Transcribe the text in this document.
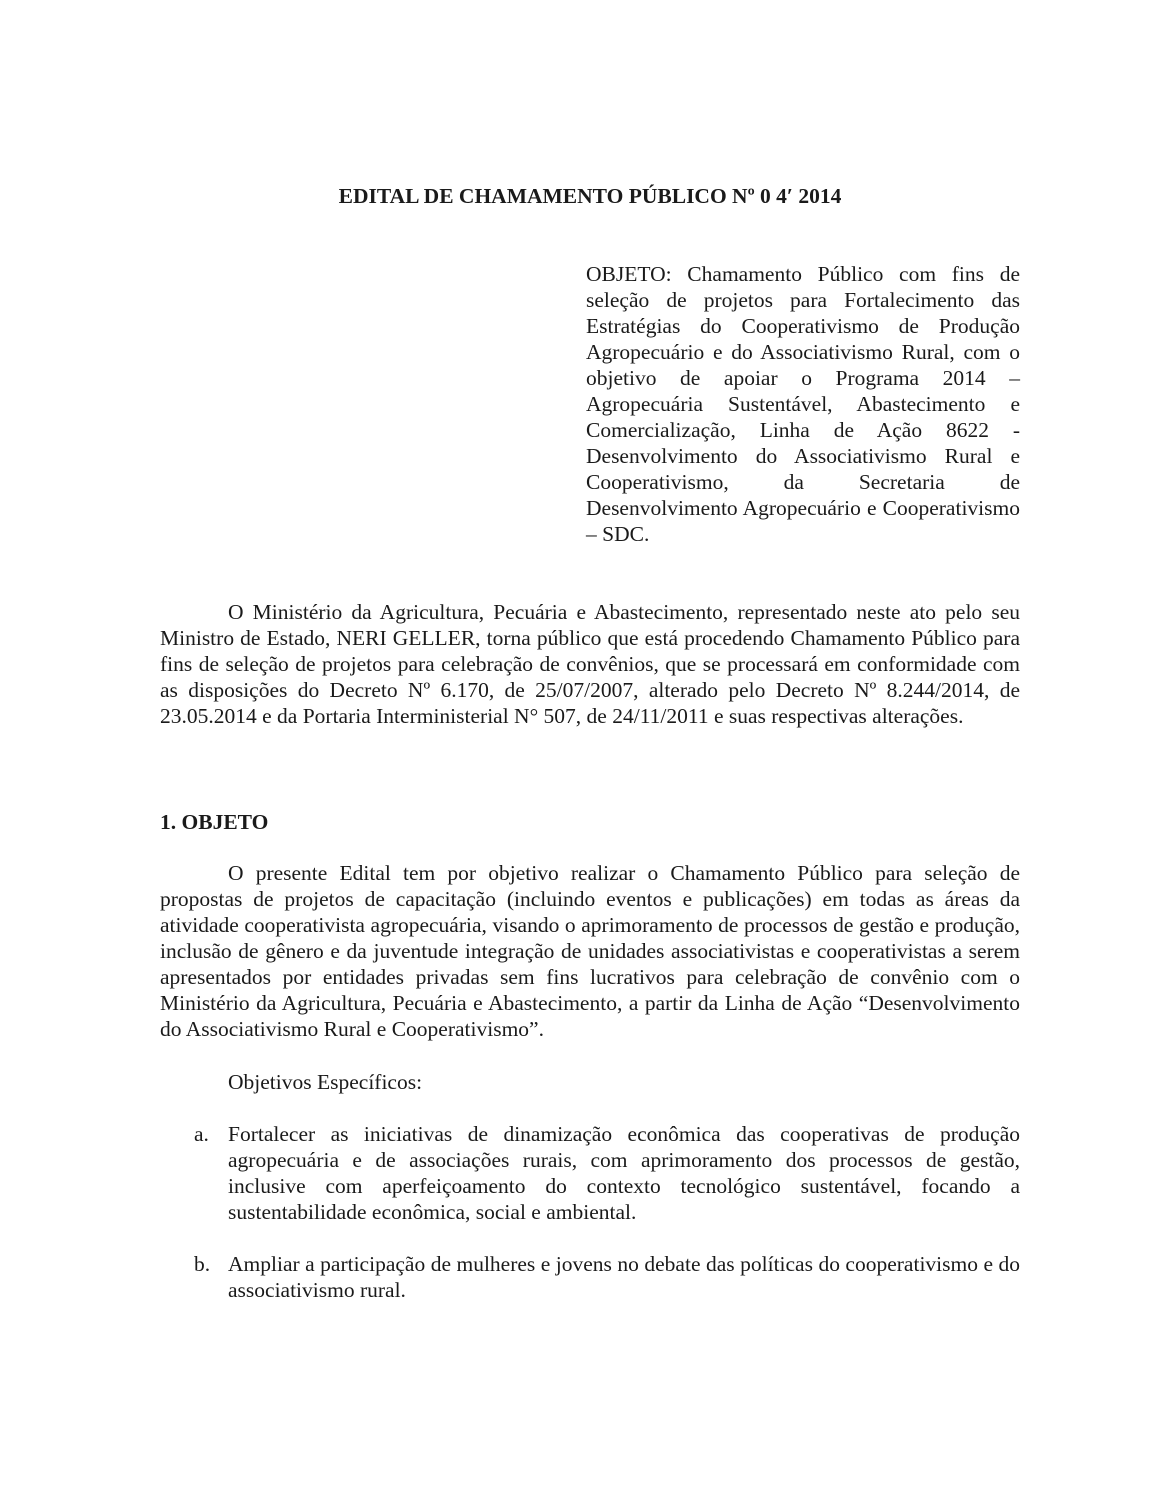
EDITAL DE CHAMAMENTO PÚBLICO Nº 0 4′ 2014

OBJETO: Chamamento Público com fins de seleção de projetos para Fortalecimento das Estratégias do Cooperativismo de Produção Agropecuário e do Associativismo Rural, com o objetivo de apoiar o Programa 2014 – Agropecuária Sustentável, Abastecimento e Comercialização, Linha de Ação 8622 - Desenvolvimento do Associativismo Rural e Cooperativismo, da Secretaria de Desenvolvimento Agropecuário e Cooperativismo – SDC.

O Ministério da Agricultura, Pecuária e Abastecimento, representado neste ato pelo seu Ministro de Estado, NERI GELLER, torna público que está procedendo Chamamento Público para fins de seleção de projetos para celebração de convênios, que se processará em conformidade com as disposições do Decreto Nº 6.170, de 25/07/2007, alterado pelo Decreto Nº 8.244/2014, de 23.05.2014 e da Portaria Interministerial N° 507, de 24/11/2011 e suas respectivas alterações.

1. OBJETO

O presente Edital tem por objetivo realizar o Chamamento Público para seleção de propostas de projetos de capacitação (incluindo eventos e publicações) em todas as áreas da atividade cooperativista agropecuária, visando o aprimoramento de processos de gestão e produção, inclusão de gênero e da juventude integração de unidades associativistas e cooperativistas a serem apresentados por entidades privadas sem fins lucrativos para celebração de convênio com o Ministério da Agricultura, Pecuária e Abastecimento, a partir da Linha de Ação “Desenvolvimento do Associativismo Rural e Cooperativismo”.

Objetivos Específicos:

a. Fortalecer as iniciativas de dinamização econômica das cooperativas de produção agropecuária e de associações rurais, com aprimoramento dos processos de gestão, inclusive com aperfeiçoamento do contexto tecnológico sustentável, focando a sustentabilidade econômica, social e ambiental.
b. Ampliar a participação de mulheres e jovens no debate das políticas do cooperativismo e do associativismo rural.
